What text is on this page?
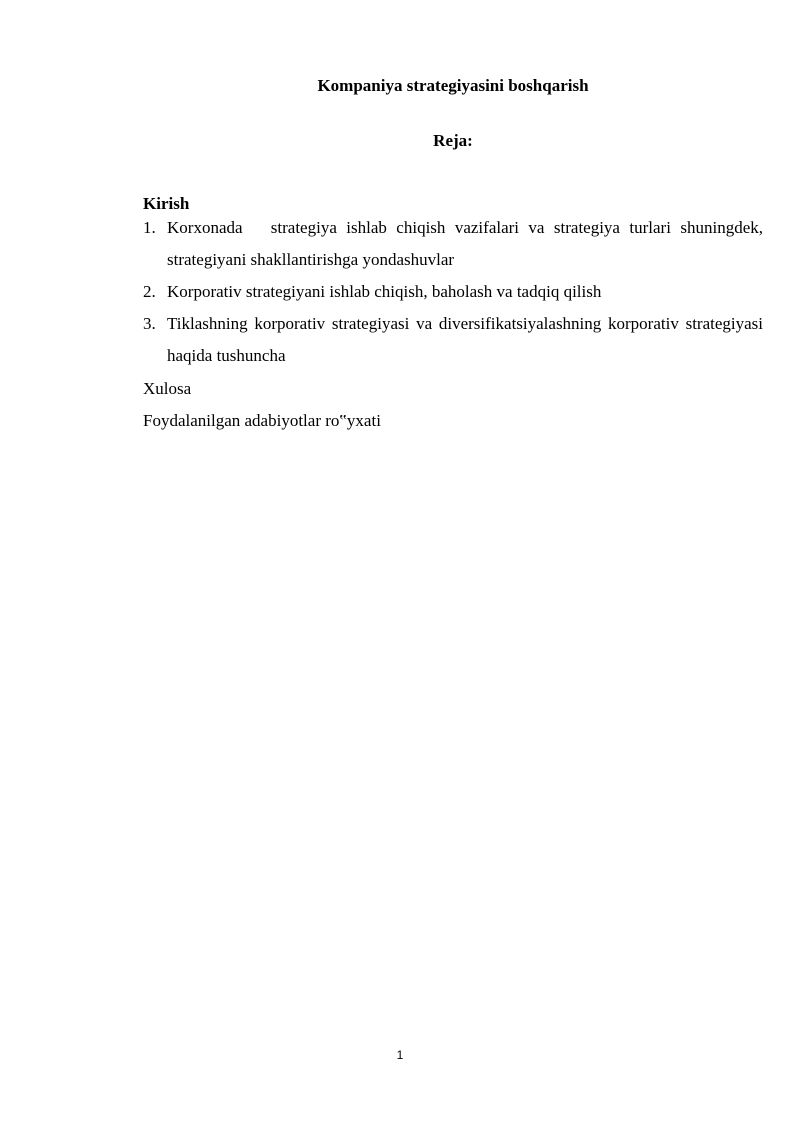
Kompaniya strategiyasini boshqarish
Reja:
Kirish
1. Korxonada   strategiya ishlab chiqish vazifalari va strategiya turlari shuningdek, strategiyani shakllantirishga yondashuvlar
2. Korporativ strategiyani ishlab chiqish, baholash va tadqiq qilish
3. Tiklashning korporativ strategiyasi va diversifikatsiyalashning korporativ strategiyasi haqida tushuncha
Xulosa
Foydalanilgan adabiyotlar ro‟yxati
1
